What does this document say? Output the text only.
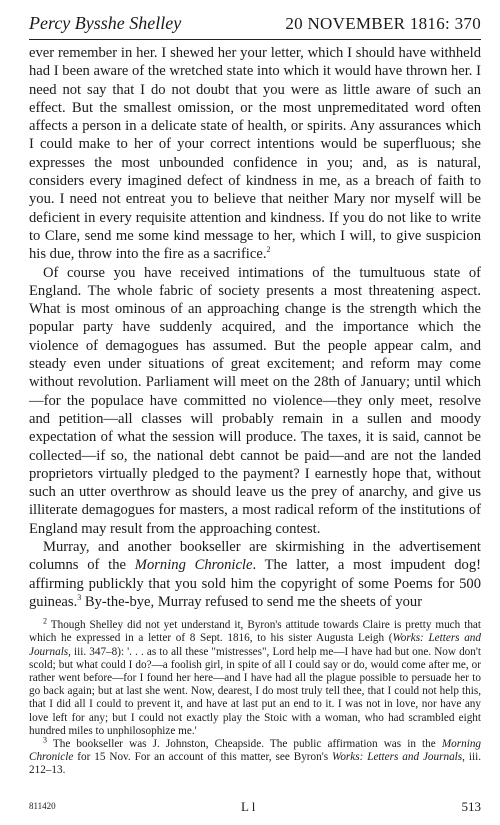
Percy Bysshe Shelley	20 NOVEMBER 1816: 370

ever remember in her. I shewed her your letter, which I should have withheld had I been aware of the wretched state into which it would have thrown her. I need not say that I do not doubt that you were as little aware of such an effect. But the smallest omission, or the most unpremeditated word often affects a person in a delicate state of health, or spirits. Any assurances which I could make to her of your correct intentions would be superfluous; she expresses the most unbounded confidence in you; and, as is natural, considers every imagined defect of kindness in me, as a breach of faith to you. I need not entreat you to believe that neither Mary nor myself will be deficient in every requisite attention and kindness. If you do not like to write to Clare, send me some kind message to her, which I will, to give suspicion his due, throw into the fire as a sacrifice.$^2$

Of course you have received intimations of the tumultuous state of England. The whole fabric of society presents a most threatening aspect. What is most ominous of an approaching change is the strength which the popular party have suddenly acquired, and the importance which the violence of demagogues has assumed. But the people appear calm, and steady even under situations of great excitement; and reform may come without revolution. Parliament will meet on the 28th of January; until which—for the populace have committed no violence—they only meet, resolve and petition—all classes will probably remain in a sullen and moody expectation of what the session will produce. The taxes, it is said, cannot be collected—if so, the national debt cannot be paid—and are not the landed proprietors virtually pledged to the payment? I earnestly hope that, without such an utter overthrow as should leave us the prey of anarchy, and give us illiterate demagogues for masters, a most radical reform of the institutions of England may result from the approaching contest.

Murray, and another bookseller are skirmishing in the advertisement columns of the Morning Chronicle. The latter, a most impudent dog! affirming publickly that you sold him the copyright of some Poems for 500 guineas.$^3$ By-the-bye, Murray refused to send me the sheets of your

$^2$ Though Shelley did not yet understand it, Byron's attitude towards Claire is pretty much that which he expressed in a letter of 8 Sept. 1816, to his sister Augusta Leigh (Works: Letters and Journals, iii. 347–8): '. . . as to all these "mistresses", Lord help me—I have had but one. Now don't scold; but what could I do?—a foolish girl, in spite of all I could say or do, would come after me, or rather went before—for I found her here—and I have had all the plague possible to persuade her to go back again; but at last she went. Now, dearest, I do most truly tell thee, that I could not help this, that I did all I could to prevent it, and have at last put an end to it. I was not in love, nor have any love left for any; but I could not exactly play the Stoic with a woman, who had scrambled eight hundred miles to unphilosophize me.'

$^3$ The bookseller was J. Johnston, Cheapside. The public affirmation was in the Morning Chronicle for 15 Nov. For an account of this matter, see Byron's Works: Letters and Journals, iii. 212–13.

811420	L l	513
